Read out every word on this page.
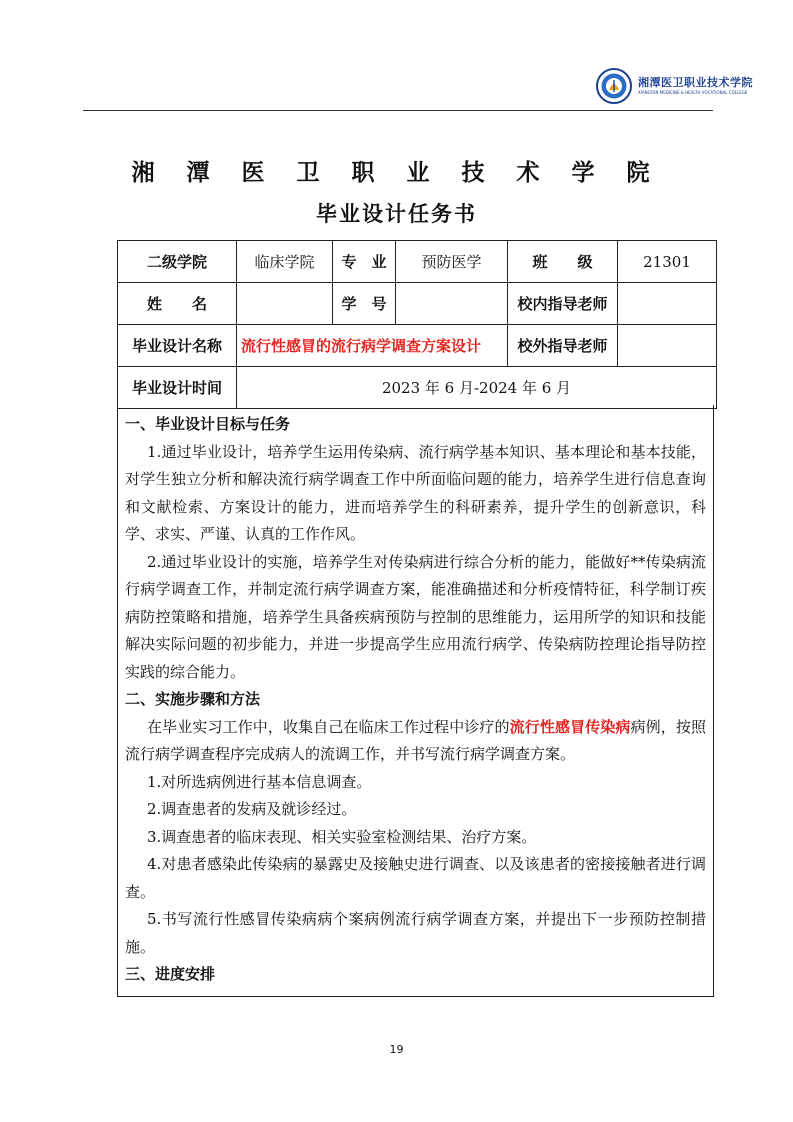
湘潭医卫职业技术学院
XIANGTAN MEDICINE & HEALTH VOCATIONAL COLLEGE
湘 潭 医 卫 职 业 技 术 学 院
毕业设计任务书
二级学院	临床学院	专　业	预防医学	班　　级	21301
姓　　名		学　号		校内指导老师	
毕业设计名称	流行性感冒的流行病学调查方案设计			校外指导老师	
毕业设计时间	2023 年 6 月-2024 年 6 月				

一、毕业设计目标与任务

1.通过毕业设计，培养学生运用传染病、流行病学基本知识、基本理论和基本技能，对学生独立分析和解决流行病学调查工作中所面临问题的能力，培养学生进行信息查询和文献检索、方案设计的能力，进而培养学生的科研素养，提升学生的创新意识，科学、求实、严谨、认真的工作作风。

2.通过毕业设计的实施，培养学生对传染病进行综合分析的能力，能做好**传染病流行病学调查工作，并制定流行病学调查方案，能准确描述和分析疫情特征，科学制订疾病防控策略和措施，培养学生具备疾病预防与控制的思维能力，运用所学的知识和技能解决实际问题的初步能力，并进一步提高学生应用流行病学、传染病防控理论指导防控实践的综合能力。

二、实施步骤和方法

在毕业实习工作中，收集自己在临床工作过程中诊疗的流行性感冒传染病病例，按照流行病学调查程序完成病人的流调工作，并书写流行病学调查方案。

1.对所选病例进行基本信息调查。

2.调查患者的发病及就诊经过。

3.调查患者的临床表现、相关实验室检测结果、治疗方案。

4.对患者感染此传染病的暴露史及接触史进行调查、以及该患者的密接接触者进行调查。

5.书写流行性感冒传染病病个案病例流行病学调查方案，并提出下一步预防控制措施。

三、进度安排

19
